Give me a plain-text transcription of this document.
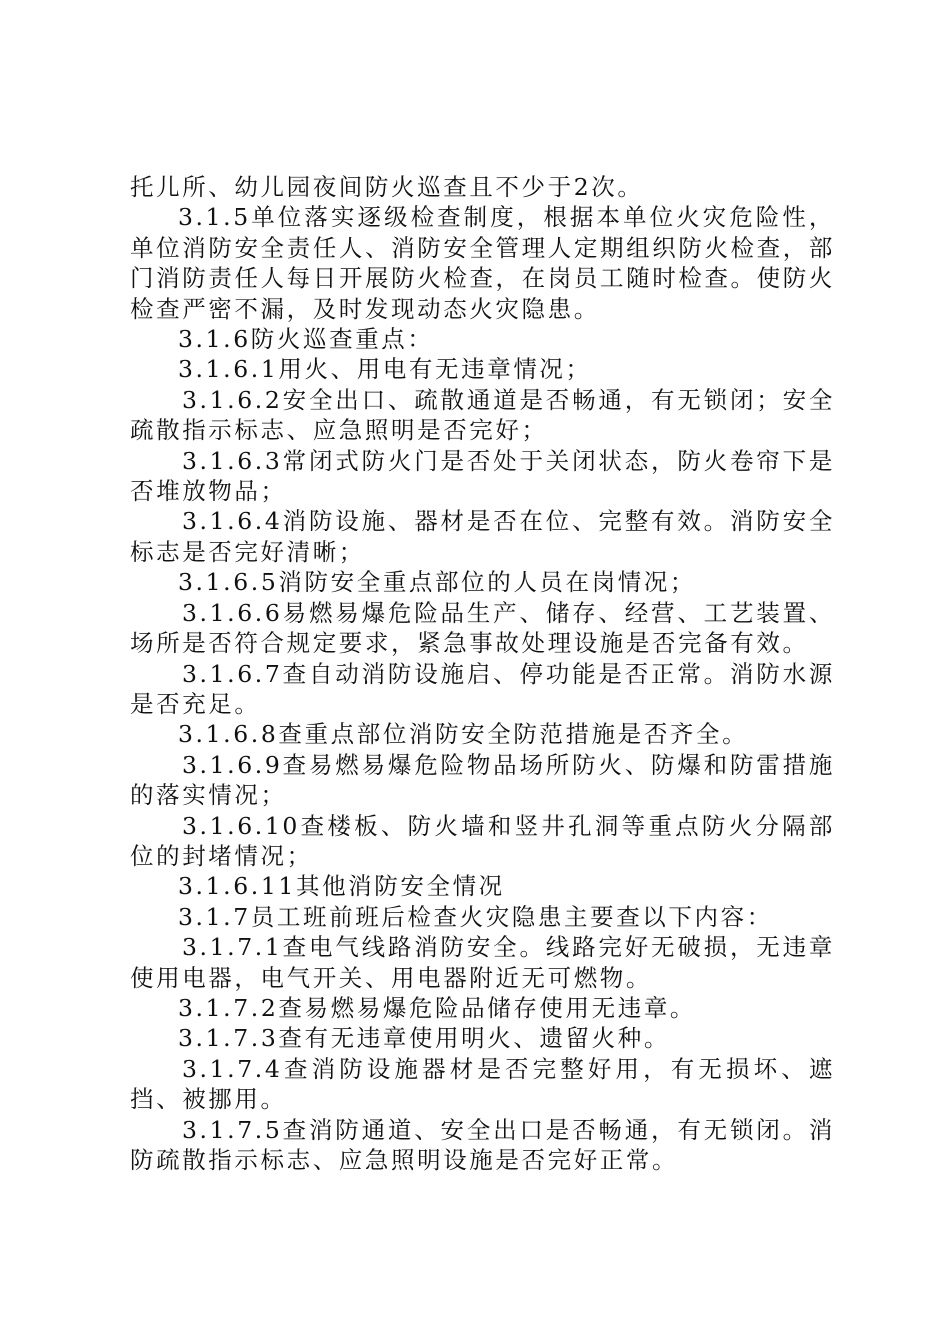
托儿所、幼儿园夜间防火巡查且不少于2次。

3.1.5单位落实逐级检查制度，根据本单位火灾危险性，单位消防安全责任人、消防安全管理人定期组织防火检查，部门消防责任人每日开展防火检查，在岗员工随时检查。使防火检查严密不漏，及时发现动态火灾隐患。

3.1.6防火巡查重点：

3.1.6.1用火、用电有无违章情况；

3.1.6.2安全出口、疏散通道是否畅通，有无锁闭；安全疏散指示标志、应急照明是否完好；

3.1.6.3常闭式防火门是否处于关闭状态，防火卷帘下是否堆放物品；

3.1.6.4消防设施、器材是否在位、完整有效。消防安全标志是否完好清晰；

3.1.6.5消防安全重点部位的人员在岗情况；

3.1.6.6易燃易爆危险品生产、储存、经营、工艺装置、场所是否符合规定要求，紧急事故处理设施是否完备有效。

3.1.6.7查自动消防设施启、停功能是否正常。消防水源是否充足。

3.1.6.8查重点部位消防安全防范措施是否齐全。

3.1.6.9查易燃易爆危险物品场所防火、防爆和防雷措施的落实情况；

3.1.6.10查楼板、防火墙和竖井孔洞等重点防火分隔部位的封堵情况；

3.1.6.11其他消防安全情况

3.1.7员工班前班后检查火灾隐患主要查以下内容：

3.1.7.1查电气线路消防安全。线路完好无破损，无违章使用电器，电气开关、用电器附近无可燃物。

3.1.7.2查易燃易爆危险品储存使用无违章。

3.1.7.3查有无违章使用明火、遗留火种。

3.1.7.4查消防设施器材是否完整好用，有无损坏、遮挡、被挪用。

3.1.7.5查消防通道、安全出口是否畅通，有无锁闭。消防疏散指示标志、应急照明设施是否完好正常。
